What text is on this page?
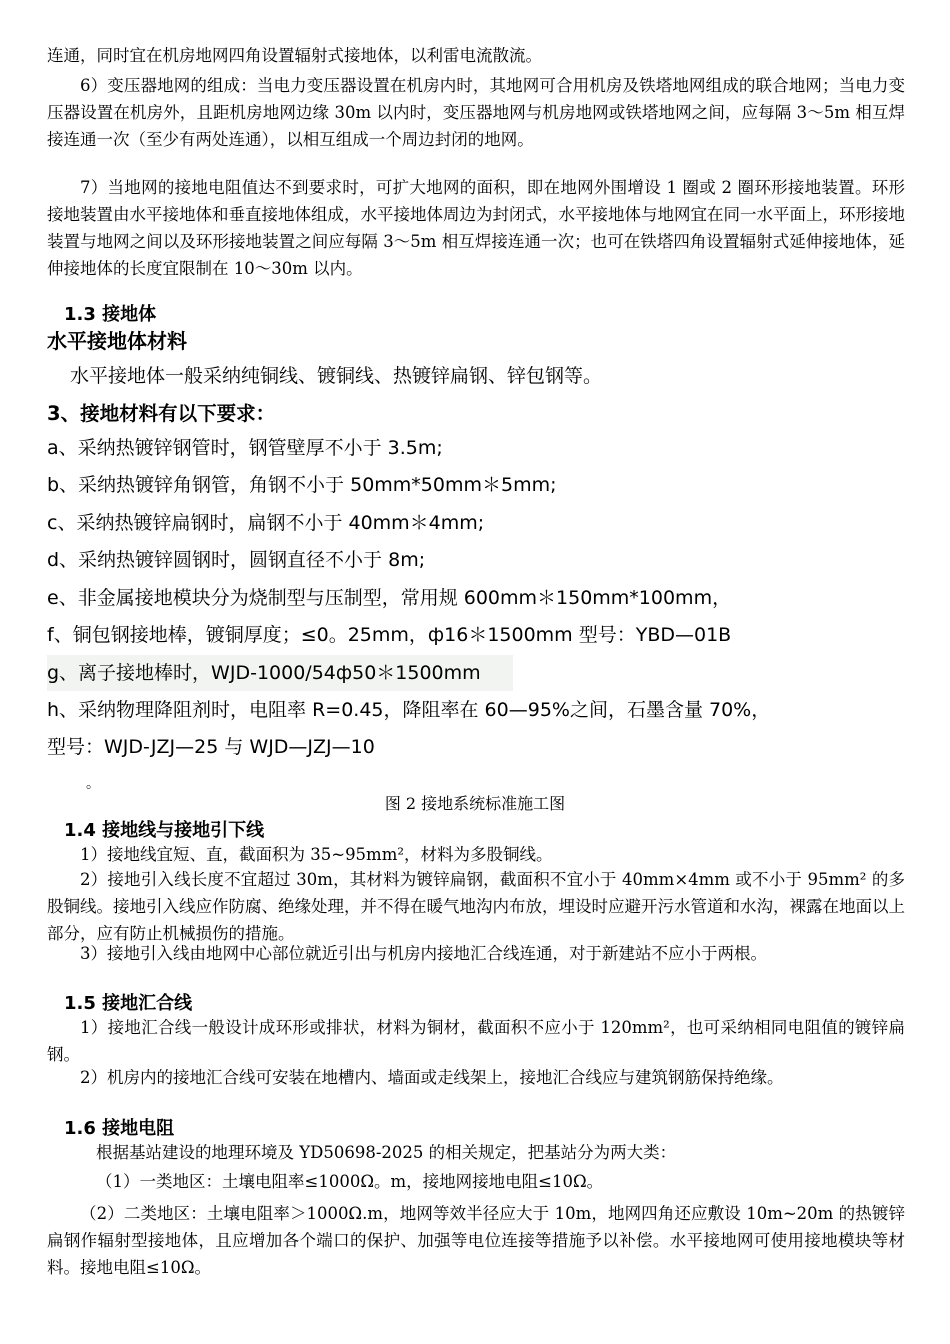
连通，同时宜在机房地网四角设置辐射式接地体，以利雷电流散流。
6）变压器地网的组成：当电力变压器设置在机房内时，其地网可合用机房及铁塔地网组成的联合地网；当电力变压器设置在机房外，且距机房地网边缘 30m 以内时，变压器地网与机房地网或铁塔地网之间，应每隔 3～5m 相互焊接连通一次（至少有两处连通），以相互组成一个周边封闭的地网。
7）当地网的接地电阻值达不到要求时，可扩大地网的面积，即在地网外围增设 1 圈或 2 圈环形接地装置。环形接地装置由水平接地体和垂直接地体组成，水平接地体周边为封闭式，水平接地体与地网宜在同一水平面上，环形接地装置与地网之间以及环形接地装置之间应每隔 3～5m 相互焊接连通一次；也可在铁塔四角设置辐射式延伸接地体，延伸接地体的长度宜限制在 10～30m 以内。
1.3 接地体
水平接地体材料
水平接地体一般采纳纯铜线、镀铜线、热镀锌扁钢、锌包钢等。
3、接地材料有以下要求：
a、采纳热镀锌钢管时，钢管壁厚不小于 3.5m;
b、采纳热镀锌角钢管，角钢不小于 50mm*50mm＊5mm;
c、采纳热镀锌扁钢时，扁钢不小于 40mm＊4mm;
d、采纳热镀锌圆钢时，圆钢直径不小于 8m;
e、非金属接地模块分为烧制型与压制型，常用规 600mm＊150mm*100mm，
f、铜包钢接地棒，镀铜厚度；≤0。25mm，ф16＊1500mm 型号：YBD—01B
g、离子接地棒时，WJD-1000/54ф50＊1500mm
h、采纳物理降阻剂时，电阻率 R=0.45，降阻率在 60—95%之间，石墨含量 70%，
型号：WJD-JZJ—25 与 WJD—JZJ—10
。
图 2 接地系统标准施工图
1.4 接地线与接地引下线
1）接地线宜短、直，截面积为 35~95mm²，材料为多股铜线。
2）接地引入线长度不宜超过 30m，其材料为镀锌扁钢，截面积不宜小于 40mm×4mm 或不小于 95mm² 的多股铜线。接地引入线应作防腐、绝缘处理，并不得在暖气地沟内布放，埋设时应避开污水管道和水沟，裸露在地面以上部分，应有防止机械损伤的措施。
3）接地引入线由地网中心部位就近引出与机房内接地汇合线连通，对于新建站不应小于两根。
1.5 接地汇合线
1）接地汇合线一般设计成环形或排状，材料为铜材，截面积不应小于 120mm²，也可采纳相同电阻值的镀锌扁钢。
2）机房内的接地汇合线可安装在地槽内、墙面或走线架上，接地汇合线应与建筑钢筋保持绝缘。
1.6 接地电阻
根据基站建设的地理环境及 YD50698-2025 的相关规定，把基站分为两大类：
（1）一类地区：土壤电阻率≤1000Ω。m，接地网接地电阻≤10Ω。
（2）二类地区：土壤电阻率＞1000Ω.m，地网等效半径应大于 10m，地网四角还应敷设 10m~20m 的热镀锌扁钢作辐射型接地体，且应增加各个端口的保护、加强等电位连接等措施予以补偿。水平接地网可使用接地模块等材料。接地电阻≤10Ω。
